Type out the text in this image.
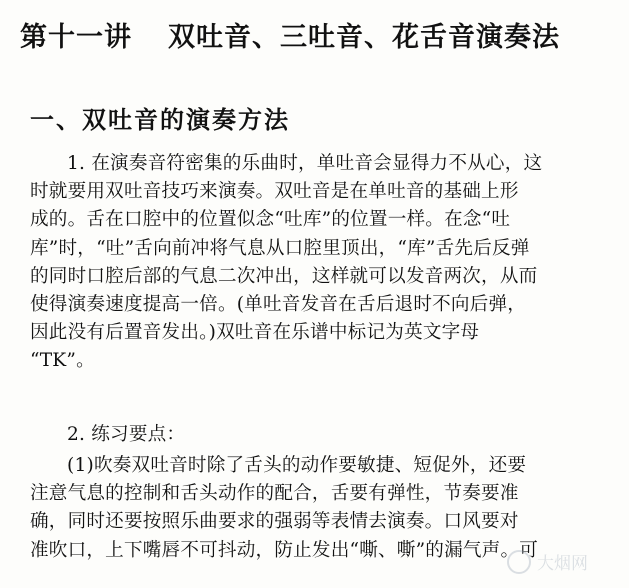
第十一讲 双吐音、三吐音、花舌音演奏法
一、双吐音的演奏方法
1. 在演奏音符密集的乐曲时，单吐音会显得力不从心，这
时就要用双吐音技巧来演奏。双吐音是在单吐音的基础上形
成的。舌在口腔中的位置似念“吐库”的位置一样。在念“吐
库”时，“吐”舌向前冲将气息从口腔里顶出，“库”舌先后反弹
的同时口腔后部的气息二次冲出，这样就可以发音两次，从而
使得演奏速度提高一倍。(单吐音发音在舌后退时不向后弹，
因此没有后置音发出。)双吐音在乐谱中标记为英文字母
“TK”。
2. 练习要点：
(1)吹奏双吐音时除了舌头的动作要敏捷、短促外，还要
注意气息的控制和舌头动作的配合，舌要有弹性，节奏要准
确，同时还要按照乐曲要求的强弱等表情去演奏。口风要对
准吹口，上下嘴唇不可抖动，防止发出“嘶、嘶”的漏气声。可
大烟网
